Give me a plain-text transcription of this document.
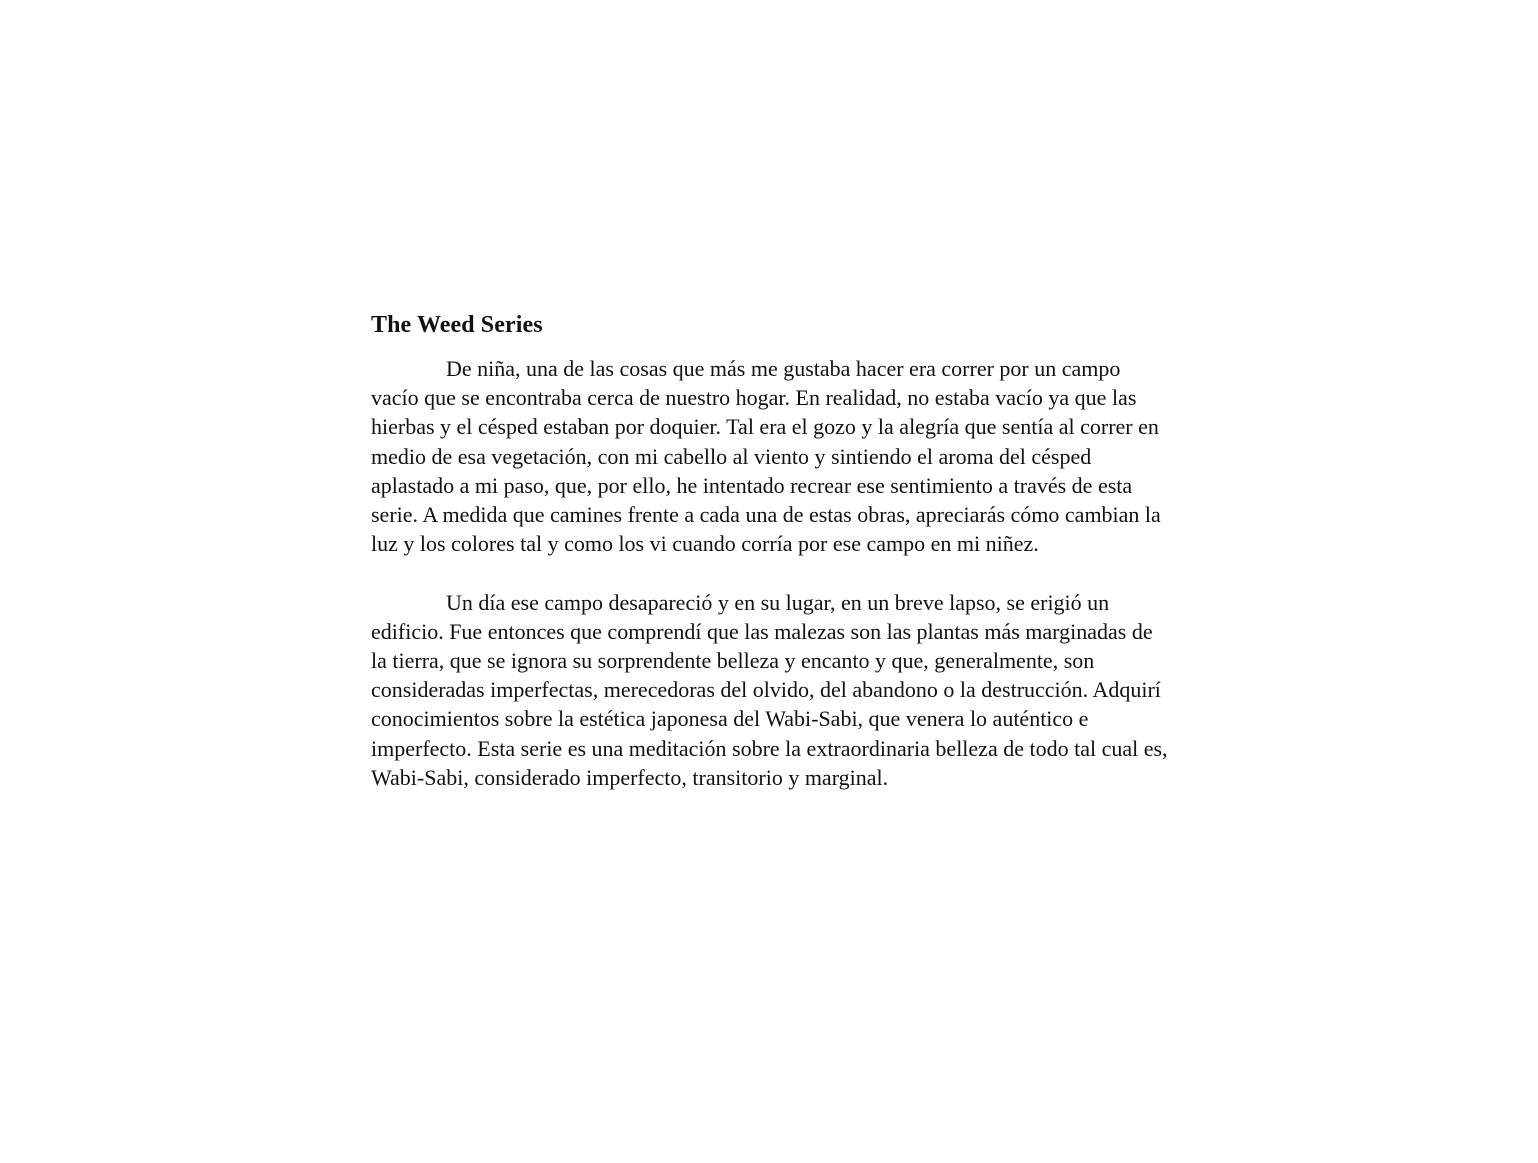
The Weed Series

De niña, una de las cosas que más me gustaba hacer era correr por un campo vacío que se encontraba cerca de nuestro hogar. En realidad, no estaba vacío ya que las hierbas y el césped estaban por doquier. Tal era el gozo y la alegría que sentía al correr en medio de esa vegetación, con mi cabello al viento y sintiendo el aroma del césped aplastado a mi paso, que, por ello, he intentado recrear ese sentimiento a través de esta serie. A medida que camines frente a cada una de estas obras, apreciarás cómo cambian la luz y los colores tal y como los vi cuando corría por ese campo en mi niñez.

Un día ese campo desapareció y en su lugar, en un breve lapso, se erigió un edificio. Fue entonces que comprendí que las malezas son las plantas más marginadas de la tierra, que se ignora su sorprendente belleza y encanto y que, generalmente, son consideradas imperfectas, merecedoras del olvido, del abandono o la destrucción. Adquirí conocimientos sobre la estética japonesa del Wabi-Sabi, que venera lo auténtico e imperfecto. Esta serie es una meditación sobre la extraordinaria belleza de todo tal cual es, Wabi-Sabi, considerado imperfecto, transitorio y marginal.
